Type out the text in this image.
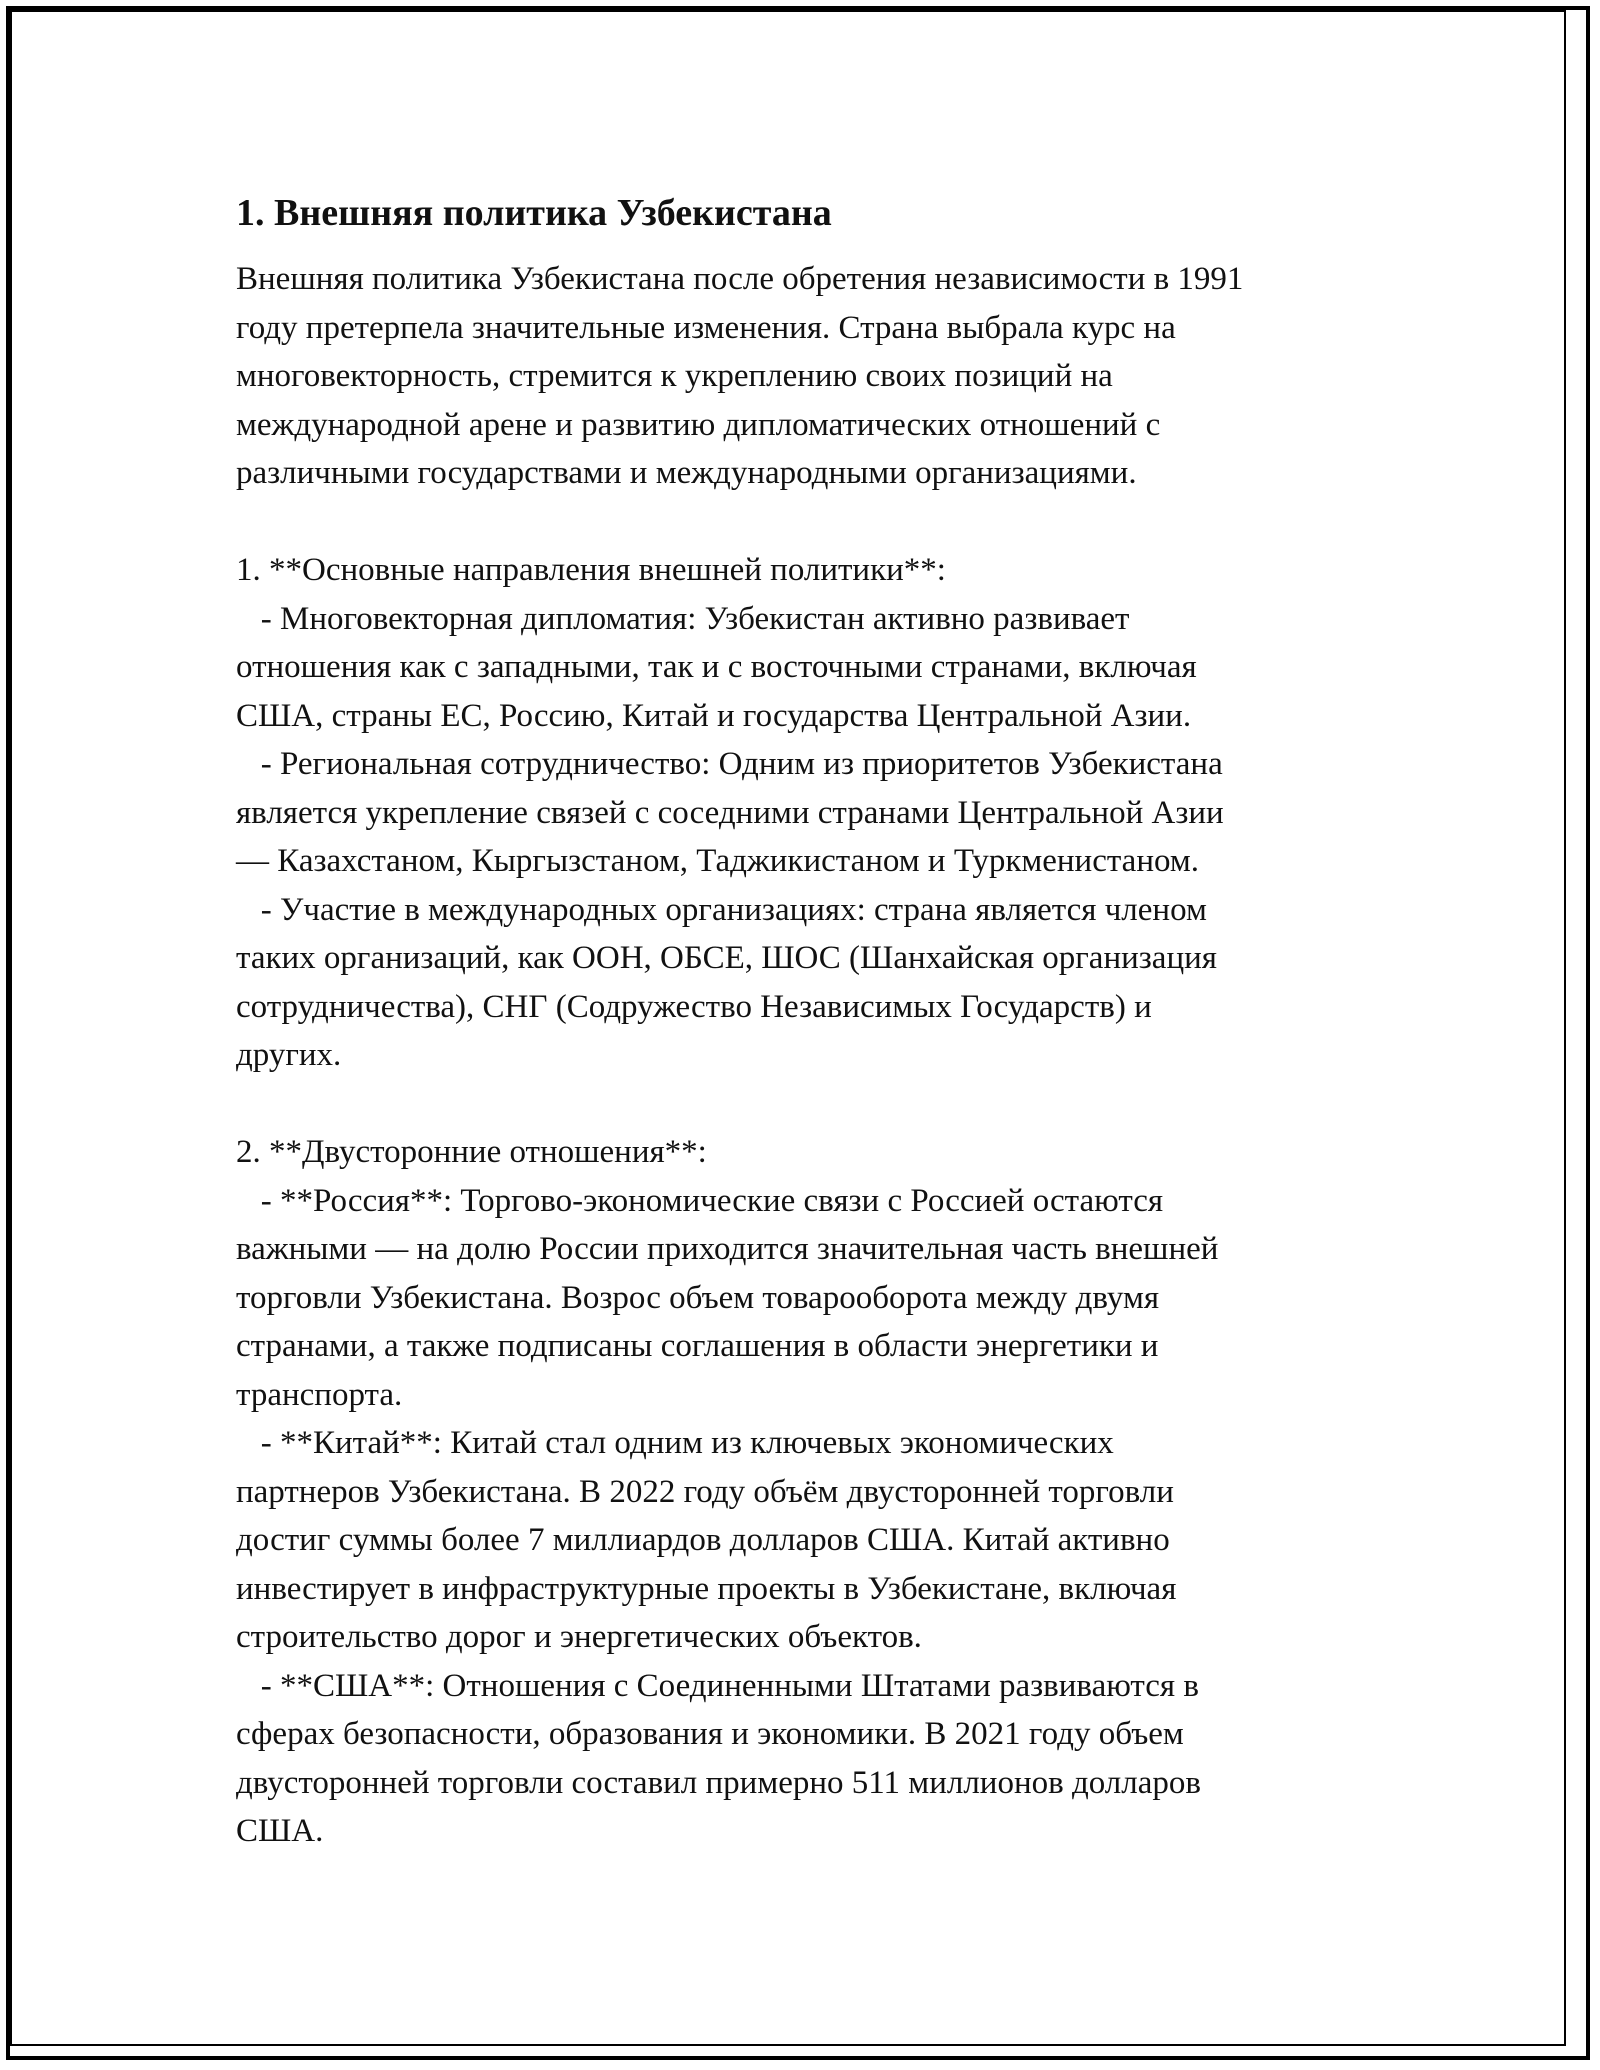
1. Внешняя политика Узбекистана
Внешняя политика Узбекистана после обретения независимости в 1991
году претерпела значительные изменения. Страна выбрала курс на
многовекторность, стремится к укреплению своих позиций на
международной арене и развитию дипломатических отношений с
различными государствами и международными организациями.
1. **Основные направления внешней политики**:
- Многовекторная дипломатия: Узбекистан активно развивает
отношения как с западными, так и с восточными странами, включая
США, страны ЕС, Россию, Китай и государства Центральной Азии.
- Региональная сотрудничество: Одним из приоритетов Узбекистана
является укрепление связей с соседними странами Центральной Азии
— Казахстаном, Кыргызстаном, Таджикистаном и Туркменистаном.
- Участие в международных организациях: страна является членом
таких организаций, как ООН, ОБСЕ, ШОС (Шанхайская организация
сотрудничества), СНГ (Содружество Независимых Государств) и
других.
2. **Двусторонние отношения**:
- **Россия**: Торгово-экономические связи с Россией остаются
важными — на долю России приходится значительная часть внешней
торговли Узбекистана. Возрос объем товарооборота между двумя
странами, а также подписаны соглашения в области энергетики и
транспорта.
- **Китай**: Китай стал одним из ключевых экономических
партнеров Узбекистана. В 2022 году объём двусторонней торговли
достиг суммы более 7 миллиардов долларов США. Китай активно
инвестирует в инфраструктурные проекты в Узбекистане, включая
строительство дорог и энергетических объектов.
- **США**: Отношения с Соединенными Штатами развиваются в
сферах безопасности, образования и экономики. В 2021 году объем
двусторонней торговли составил примерно 511 миллионов долларов
США.
